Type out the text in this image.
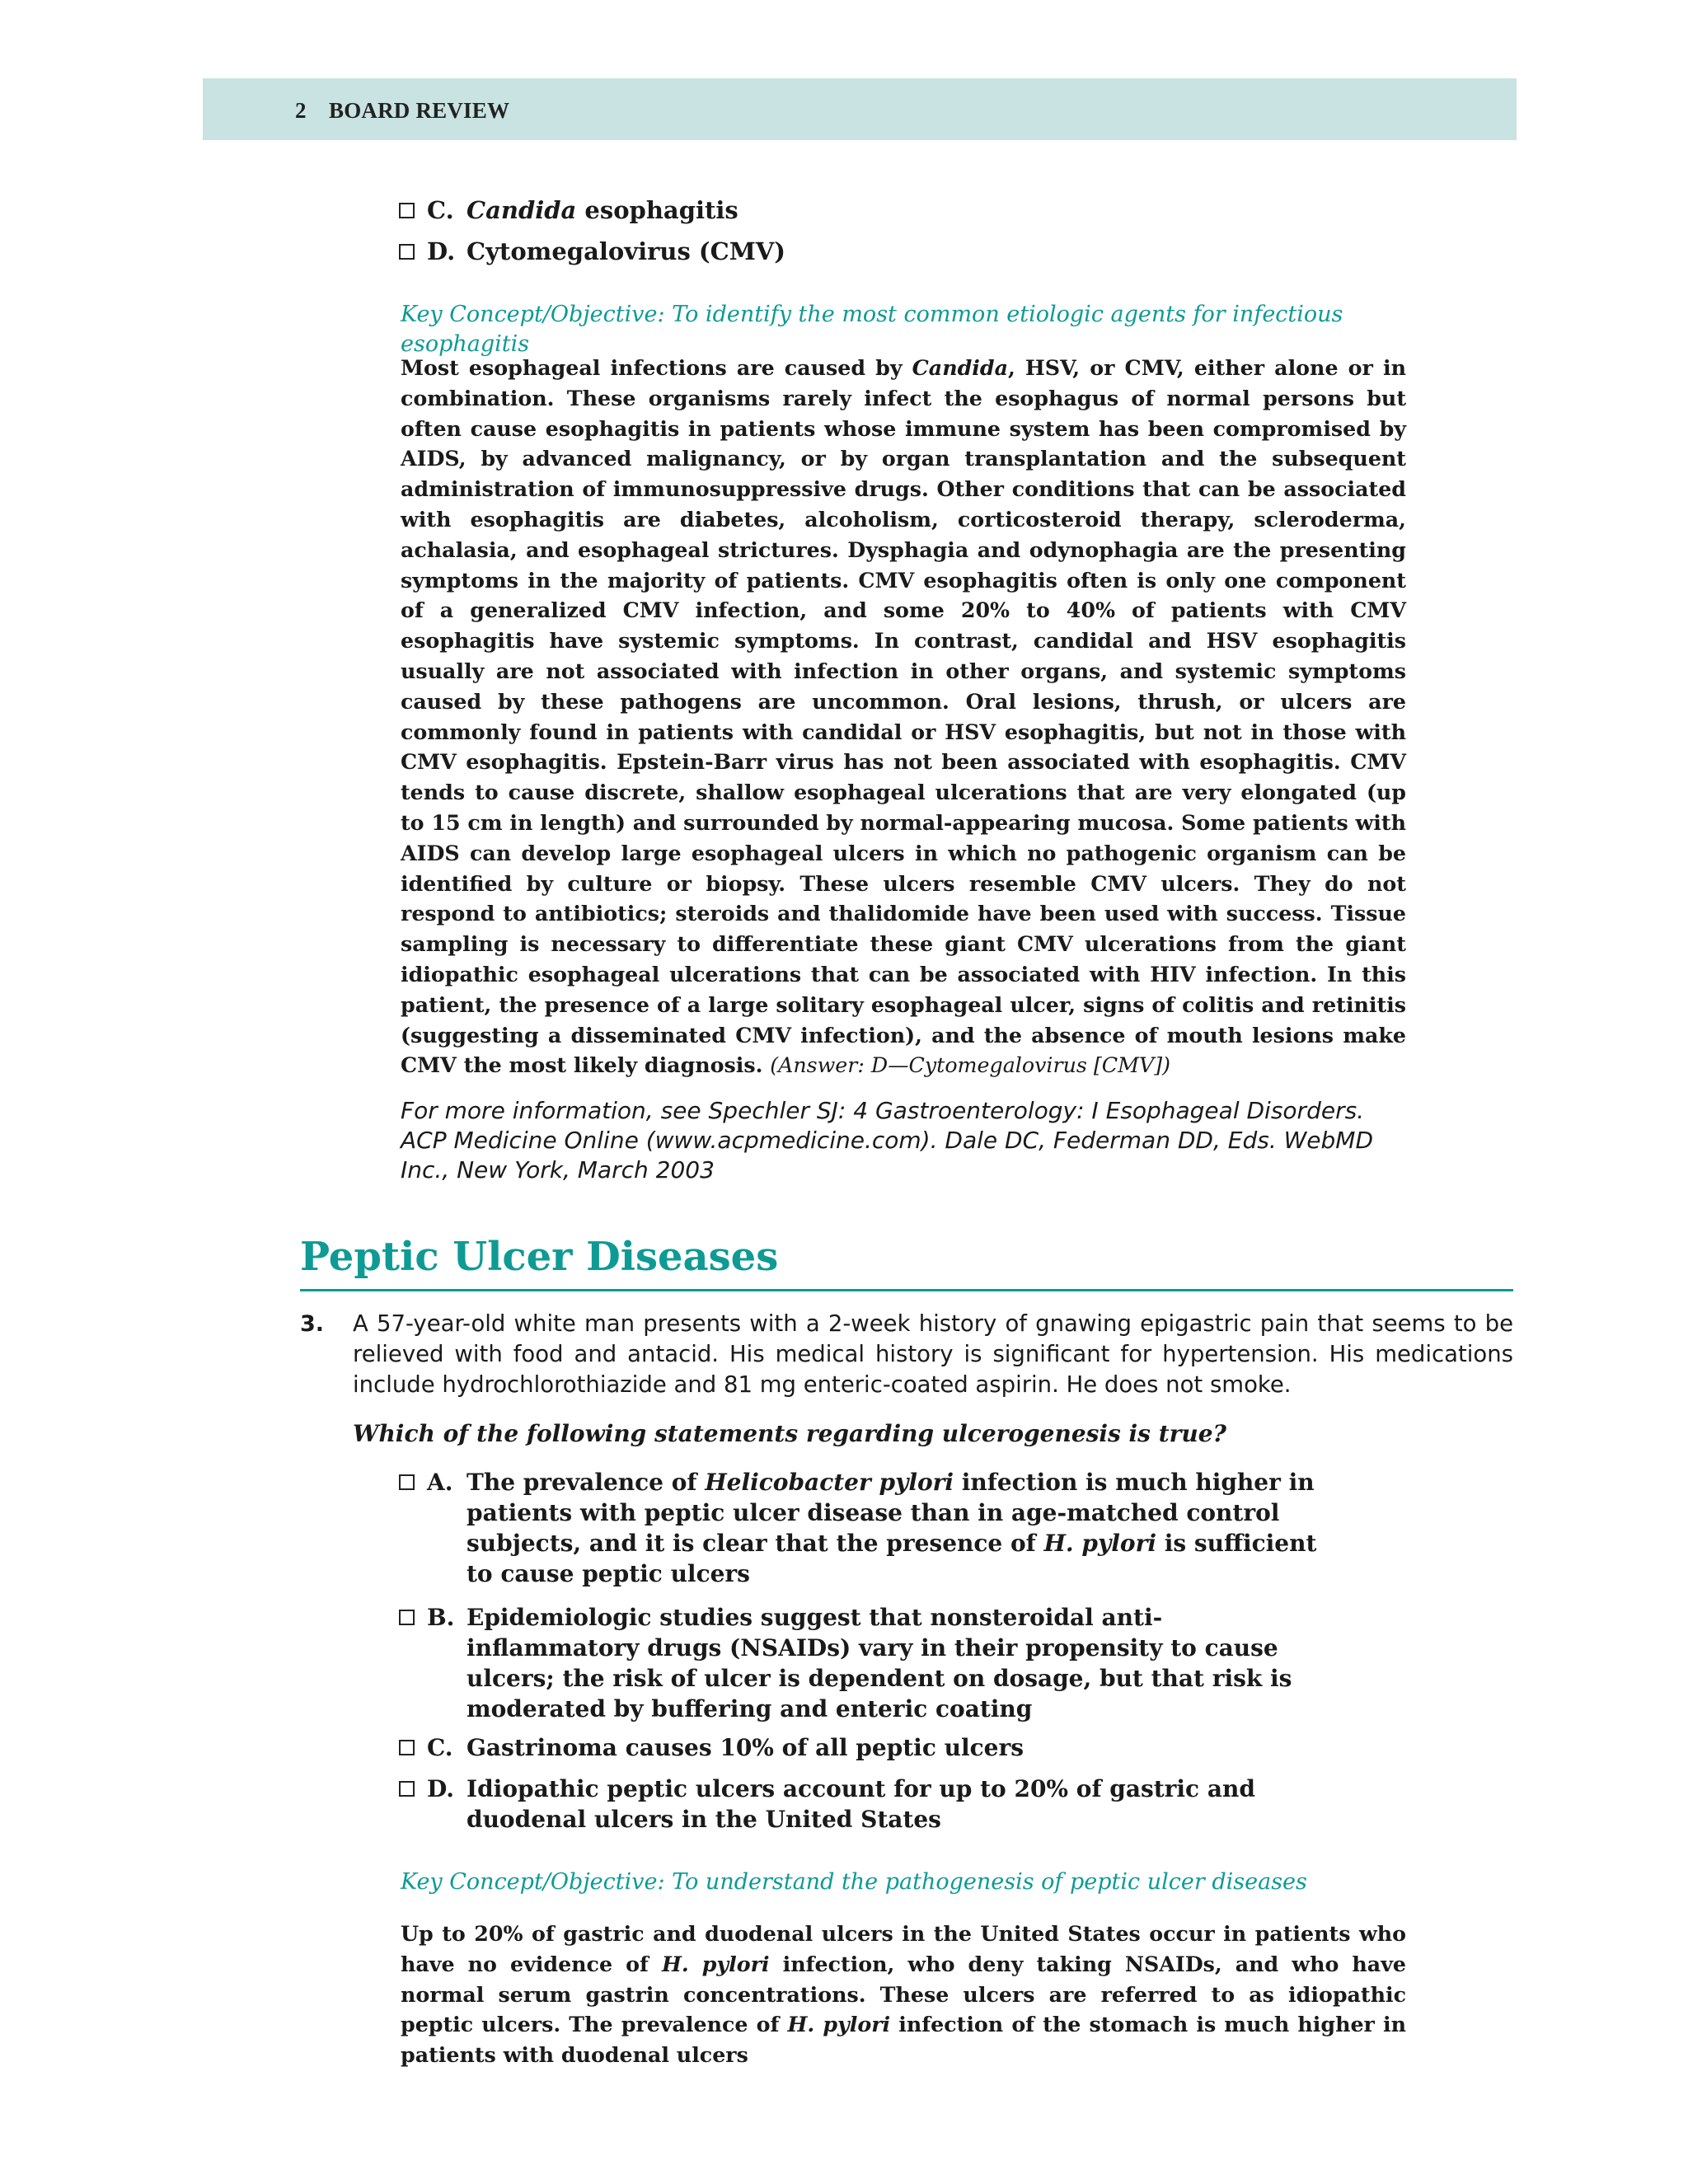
2 BOARD REVIEW
C. Candida esophagitis
D. Cytomegalovirus (CMV)
Key Concept/Objective: To identify the most common etiologic agents for infectious esophagitis
Most esophageal infections are caused by Candida, HSV, or CMV, either alone or in combination. These organisms rarely infect the esophagus of normal persons but often cause esophagitis in patients whose immune system has been compromised by AIDS, by advanced malignancy, or by organ transplantation and the subsequent administration of immunosuppressive drugs. Other conditions that can be associated with esophagitis are diabetes, alcoholism, corticosteroid therapy, scleroderma, achalasia, and esophageal strictures. Dysphagia and odynophagia are the presenting symptoms in the majority of patients. CMV esophagitis often is only one component of a generalized CMV infection, and some 20% to 40% of patients with CMV esophagitis have systemic symptoms. In contrast, candidal and HSV esophagitis usually are not associated with infection in other organs, and systemic symptoms caused by these pathogens are uncommon. Oral lesions, thrush, or ulcers are commonly found in patients with candidal or HSV esophagitis, but not in those with CMV esophagitis. Epstein-Barr virus has not been associated with esophagitis. CMV tends to cause discrete, shallow esophageal ulcerations that are very elongated (up to 15 cm in length) and surrounded by normal-appearing mucosa. Some patients with AIDS can develop large esophageal ulcers in which no pathogenic organism can be identified by culture or biopsy. These ulcers resemble CMV ulcers. They do not respond to antibiotics; steroids and thalidomide have been used with success. Tissue sampling is necessary to differentiate these giant CMV ulcerations from the giant idiopathic esophageal ulcerations that can be associated with HIV infection. In this patient, the presence of a large solitary esophageal ulcer, signs of colitis and retinitis (suggesting a disseminated CMV infection), and the absence of mouth lesions make CMV the most likely diagnosis. (Answer: D—Cytomegalovirus [CMV])
For more information, see Spechler SJ: 4 Gastroenterology: I Esophageal Disorders. ACP Medicine Online (www.acpmedicine.com). Dale DC, Federman DD, Eds. WebMD Inc., New York, March 2003
Peptic Ulcer Diseases
3. A 57-year-old white man presents with a 2-week history of gnawing epigastric pain that seems to be relieved with food and antacid. His medical history is significant for hypertension. His medications include hydrochlorothiazide and 81 mg enteric-coated aspirin. He does not smoke.
Which of the following statements regarding ulcerogenesis is true?
A. The prevalence of Helicobacter pylori infection is much higher in patients with peptic ulcer disease than in age-matched control subjects, and it is clear that the presence of H. pylori is sufficient to cause peptic ulcers
B. Epidemiologic studies suggest that nonsteroidal anti-inflammatory drugs (NSAIDs) vary in their propensity to cause ulcers; the risk of ulcer is dependent on dosage, but that risk is moderated by buffering and enteric coating
C. Gastrinoma causes 10% of all peptic ulcers
D. Idiopathic peptic ulcers account for up to 20% of gastric and duodenal ulcers in the United States
Key Concept/Objective: To understand the pathogenesis of peptic ulcer diseases
Up to 20% of gastric and duodenal ulcers in the United States occur in patients who have no evidence of H. pylori infection, who deny taking NSAIDs, and who have normal serum gastrin concentrations. These ulcers are referred to as idiopathic peptic ulcers. The prevalence of H. pylori infection of the stomach is much higher in patients with duodenal ulcers
